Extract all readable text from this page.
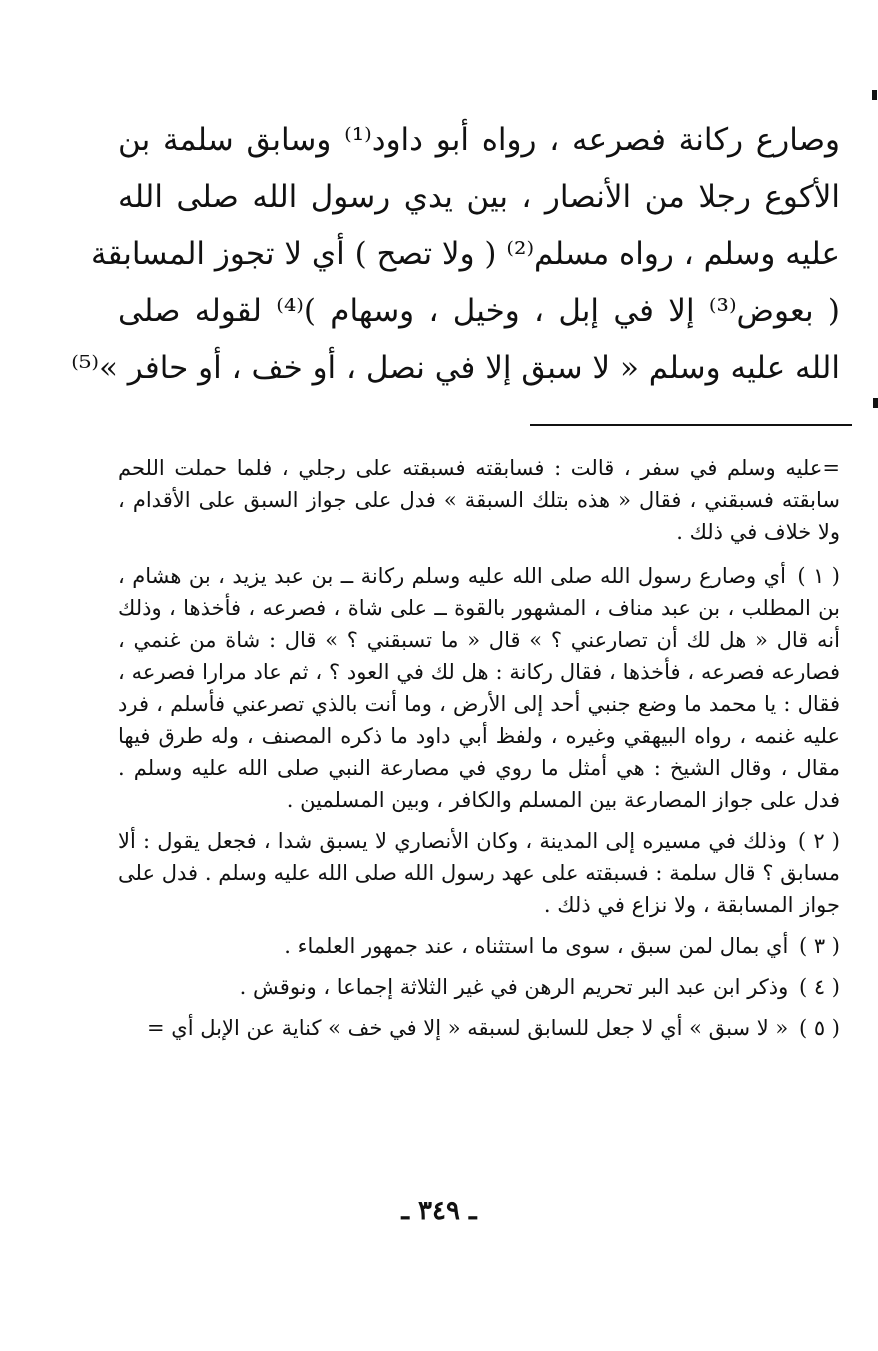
وصارع ركانة فصرعه ، رواه أبو داود⁽¹⁾ وسابق سلمة بن
الأكوع رجلا من الأنصار ، بين يدي رسول الله صلى الله
عليه وسلم ، رواه مسلم⁽²⁾ ( ولا تصح ) أي لا تجوز المسابقة
( بعوض⁽³⁾ إلا في إبل ، وخيل ، وسهام )⁽⁴⁾ لقوله صلى
الله عليه وسلم « لا سبق إلا في نصل ، أو خف ، أو حافر »⁽⁵⁾

=عليه وسلم في سفر ، قالت : فسابقته فسبقته على رجلي ، فلما حملت اللحم سابقته فسبقني ، فقال « هذه بتلك السبقة » فدل على جواز السبق على الأقدام ، ولا خلاف في ذلك .

( ١ ) أي وصارع رسول الله صلى الله عليه وسلم ركانة ــ بن عبد يزيد ، بن هشام ، بن المطلب ، بن عبد مناف ، المشهور بالقوة ــ على شاة ، فصرعه ، فأخذها ، وذلك أنه قال « هل لك أن تصارعني ؟ » قال « ما تسبقني ؟ » قال : شاة من غنمي ، فصارعه فصرعه ، فأخذها ، فقال ركانة : هل لك في العود ؟ ، ثم عاد مرارا فصرعه ، فقال : يا محمد ما وضع جنبي أحد إلى الأرض ، وما أنت بالذي تصرعني فأسلم ، فرد عليه غنمه ، رواه البيهقي وغيره ، ولفظ أبي داود ما ذكره المصنف ، وله طرق فيها مقال ، وقال الشيخ : هي أمثل ما روي في مصارعة النبي صلى الله عليه وسلم . فدل على جواز المصارعة بين المسلم والكافر ، وبين المسلمين .

( ٢ ) وذلك في مسيره إلى المدينة ، وكان الأنصاري لا يسبق شدا ، فجعل يقول : ألا مسابق ؟ قال سلمة : فسبقته على عهد رسول الله صلى الله عليه وسلم . فدل على جواز المسابقة ، ولا نزاع في ذلك .

( ٣ ) أي بمال لمن سبق ، سوى ما استثناه ، عند جمهور العلماء .

( ٤ ) وذكر ابن عبد البر تحريم الرهن في غير الثلاثة إجماعا ، ونوقش .

( ٥ ) « لا سبق » أي لا جعل للسابق لسبقه « إلا في خف » كناية عن الإبل أي =

ـ ٣٤٩ ـ
